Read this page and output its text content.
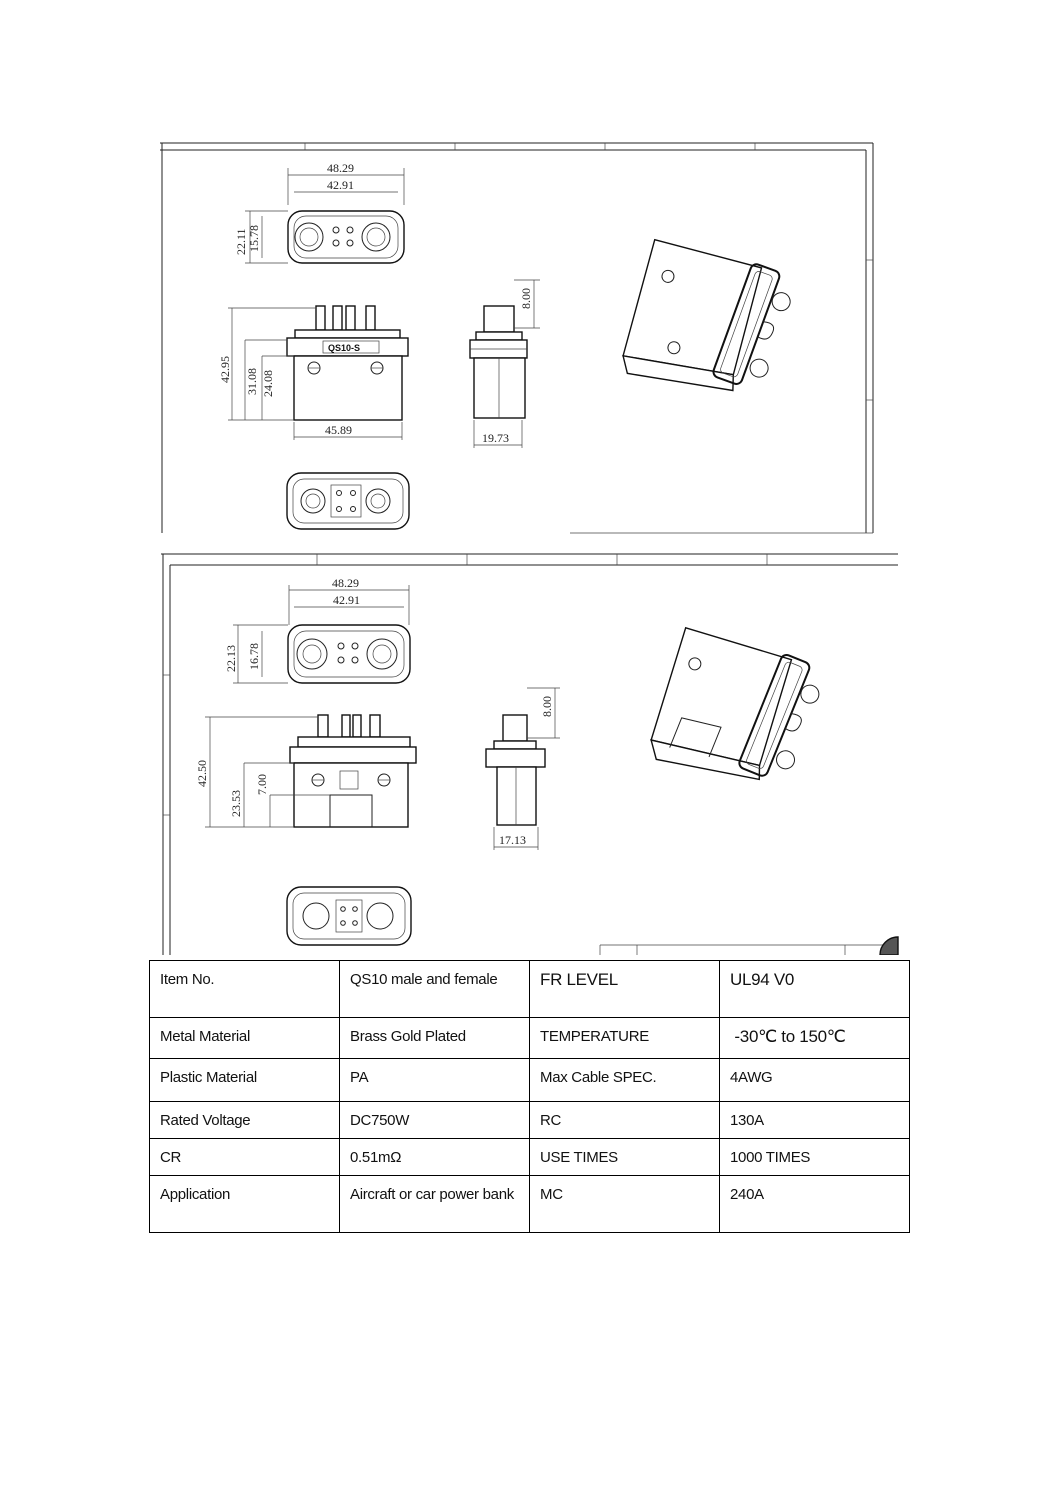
48.29
42.91
22.11 15.78
QS10-S
42.95 31.08 24.08
45.89
8.00
19.73
48.29
42.91
22.13 16.78
42.50
23.53
7.00
8.00
17.13
Item No.	QS10 male and female	FR LEVEL	UL94 V0
Metal Material	Brass Gold Plated	TEMPERATURE	-30℃ to 150℃
Plastic Material	PA	Max Cable SPEC.	4AWG
Rated Voltage	DC750W	RC	130A
CR	0.51mΩ	USE TIMES	1000 TIMES
Application	Aircraft or car power bank	MC	240A
